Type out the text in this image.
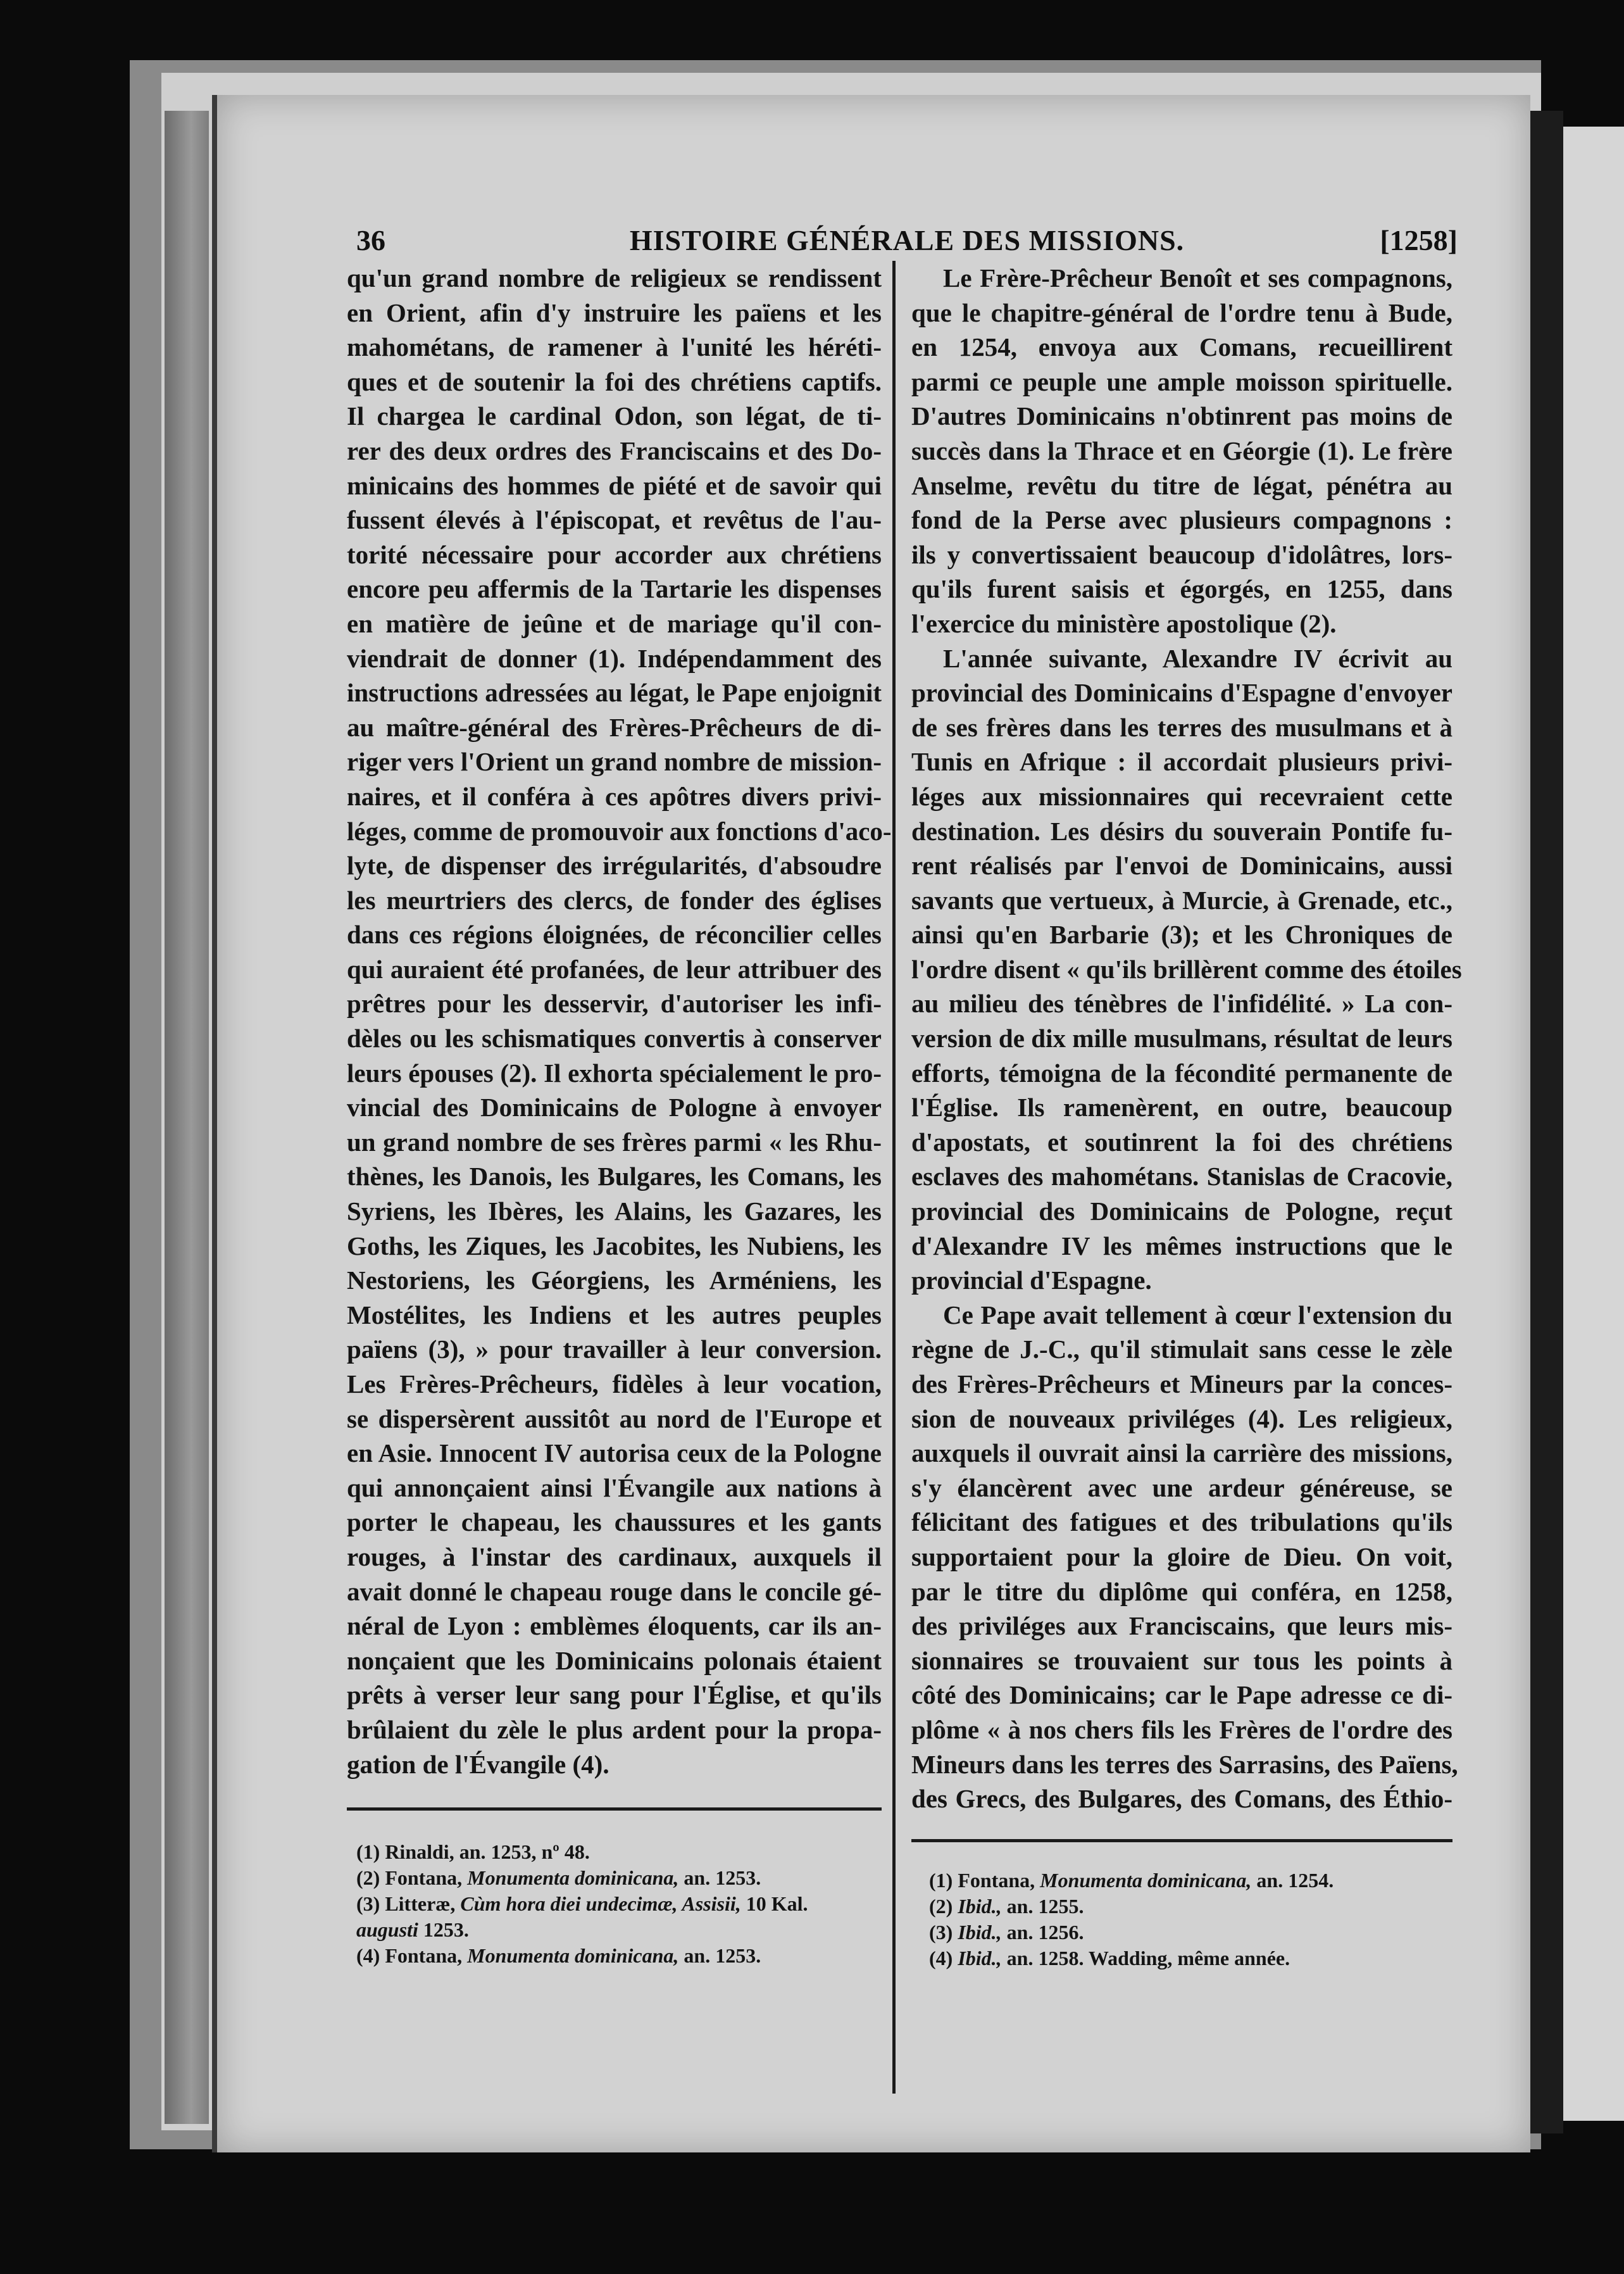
36	HISTOIRE GÉNÉRALE DES MISSIONS.	[1258]
qu'un grand nombre de religieux se rendissent
en Orient, afin d'y instruire les païens et les
mahométans, de ramener à l'unité les héréti-
ques et de soutenir la foi des chrétiens captifs.
Il chargea le cardinal Odon, son légat, de ti-
rer des deux ordres des Franciscains et des Do-
minicains des hommes de piété et de savoir qui
fussent élevés à l'épiscopat, et revêtus de l'au-
torité nécessaire pour accorder aux chrétiens
encore peu affermis de la Tartarie les dispenses
en matière de jeûne et de mariage qu'il con-
viendrait de donner (1). Indépendamment des
instructions adressées au légat, le Pape enjoignit
au maître-général des Frères-Prêcheurs de di-
riger vers l'Orient un grand nombre de mission-
naires, et il conféra à ces apôtres divers privi-
léges, comme de promouvoir aux fonctions d'aco-
lyte, de dispenser des irrégularités, d'absoudre
les meurtriers des clercs, de fonder des églises
dans ces régions éloignées, de réconcilier celles
qui auraient été profanées, de leur attribuer des
prêtres pour les desservir, d'autoriser les infi-
dèles ou les schismatiques convertis à conserver
leurs épouses (2). Il exhorta spécialement le pro-
vincial des Dominicains de Pologne à envoyer
un grand nombre de ses frères parmi « les Rhu-
thènes, les Danois, les Bulgares, les Comans, les
Syriens, les Ibères, les Alains, les Gazares, les
Goths, les Ziques, les Jacobites, les Nubiens, les
Nestoriens, les Géorgiens, les Arméniens, les
Mostélites, les Indiens et les autres peuples
païens (3), » pour travailler à leur conversion.
Les Frères-Prêcheurs, fidèles à leur vocation,
se dispersèrent aussitôt au nord de l'Europe et
en Asie. Innocent IV autorisa ceux de la Pologne
qui annonçaient ainsi l'Évangile aux nations à
porter le chapeau, les chaussures et les gants
rouges, à l'instar des cardinaux, auxquels il
avait donné le chapeau rouge dans le concile gé-
néral de Lyon : emblèmes éloquents, car ils an-
nonçaient que les Dominicains polonais étaient
prêts à verser leur sang pour l'Église, et qu'ils
brûlaient du zèle le plus ardent pour la propa-
gation de l'Évangile (4).
Le Frère-Prêcheur Benoît et ses compagnons,
que le chapitre-général de l'ordre tenu à Bude,
en 1254, envoya aux Comans, recueillirent
parmi ce peuple une ample moisson spirituelle.
D'autres Dominicains n'obtinrent pas moins de
succès dans la Thrace et en Géorgie (1). Le frère
Anselme, revêtu du titre de légat, pénétra au
fond de la Perse avec plusieurs compagnons :
ils y convertissaient beaucoup d'idolâtres, lors-
qu'ils furent saisis et égorgés, en 1255, dans
l'exercice du ministère apostolique (2).
L'année suivante, Alexandre IV écrivit au
provincial des Dominicains d'Espagne d'envoyer
de ses frères dans les terres des musulmans et à
Tunis en Afrique : il accordait plusieurs privi-
léges aux missionnaires qui recevraient cette
destination. Les désirs du souverain Pontife fu-
rent réalisés par l'envoi de Dominicains, aussi
savants que vertueux, à Murcie, à Grenade, etc.,
ainsi qu'en Barbarie (3); et les Chroniques de
l'ordre disent « qu'ils brillèrent comme des étoiles
au milieu des ténèbres de l'infidélité. » La con-
version de dix mille musulmans, résultat de leurs
efforts, témoigna de la fécondité permanente de
l'Église. Ils ramenèrent, en outre, beaucoup
d'apostats, et soutinrent la foi des chrétiens
esclaves des mahométans. Stanislas de Cracovie,
provincial des Dominicains de Pologne, reçut
d'Alexandre IV les mêmes instructions que le
provincial d'Espagne.
Ce Pape avait tellement à cœur l'extension du
règne de J.-C., qu'il stimulait sans cesse le zèle
des Frères-Prêcheurs et Mineurs par la conces-
sion de nouveaux priviléges (4). Les religieux,
auxquels il ouvrait ainsi la carrière des missions,
s'y élancèrent avec une ardeur généreuse, se
félicitant des fatigues et des tribulations qu'ils
supportaient pour la gloire de Dieu. On voit,
par le titre du diplôme qui conféra, en 1258,
des priviléges aux Franciscains, que leurs mis-
sionnaires se trouvaient sur tous les points à
côté des Dominicains; car le Pape adresse ce di-
plôme « à nos chers fils les Frères de l'ordre des
Mineurs dans les terres des Sarrasins, des Païens,
des Grecs, des Bulgares, des Comans, des Éthio-
(1) Rinaldi, an. 1253, nº 48.
(2) Fontana, Monumenta dominicana, an. 1253.
(3) Litteræ, Cùm hora diei undecimæ, Assisii, 10 Kal.
augusti 1253.
(4) Fontana, Monumenta dominicana, an. 1253.
(1) Fontana, Monumenta dominicana, an. 1254.
(2) Ibid., an. 1255.
(3) Ibid., an. 1256.
(4) Ibid., an. 1258. Wadding, même année.
